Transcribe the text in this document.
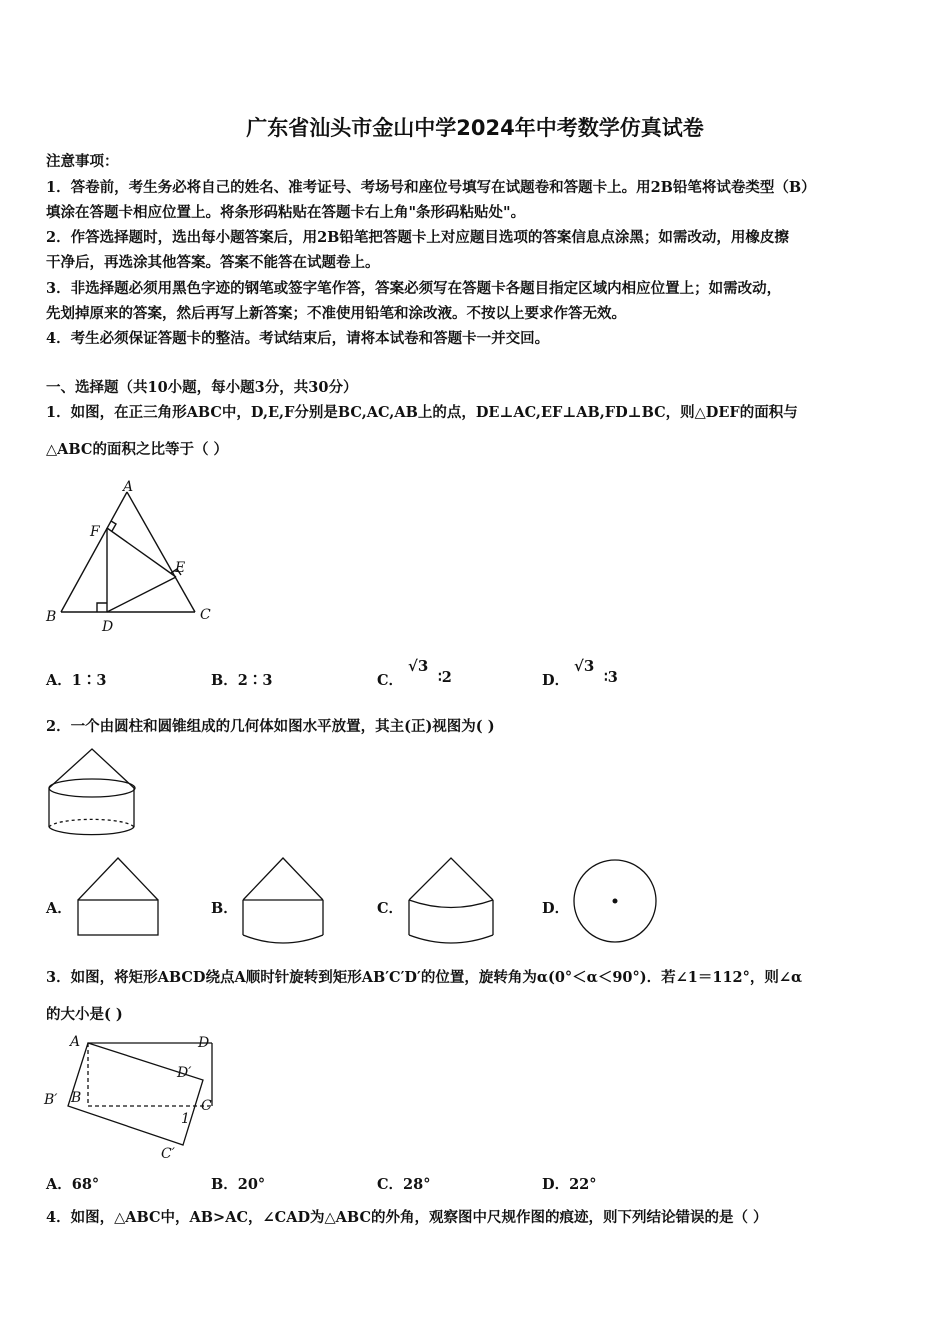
广东省汕头市金山中学2024年中考数学仿真试卷
注意事项：
1．答卷前，考生务必将自己的姓名、准考证号、考场号和座位号填写在试题卷和答题卡上。用2B铅笔将试卷类型（B）
填涂在答题卡相应位置上。将条形码粘贴在答题卡右上角"条形码粘贴处"。
2．作答选择题时，选出每小题答案后，用2B铅笔把答题卡上对应题目选项的答案信息点涂黑；如需改动，用橡皮擦
干净后，再选涂其他答案。答案不能答在试题卷上。
3．非选择题必须用黑色字迹的钢笔或签字笔作答，答案必须写在答题卡各题目指定区域内相应位置上；如需改动，
先划掉原来的答案，然后再写上新答案；不准使用铅笔和涂改液。不按以上要求作答无效。
4．考生必须保证答题卡的整洁。考试结束后，请将本试卷和答题卡一并交回。
一、选择题（共10小题，每小题3分，共30分）
1．如图，在正三角形ABC中，D,E,F分别是BC,AC,AB上的点，DE⊥AC,EF⊥AB,FD⊥BC，则△DEF的面积与
△ABC的面积之比等于（ ）
A
F
E
B
D
C
A．1∶3	B．2∶3	C．
√3
∶2	D．
√3
∶3
2．一个由圆柱和圆锥组成的几何体如图水平放置，其主(正)视图为( )
A．	B．	C．	D．
3．如图，将矩形ABCD绕点A顺时针旋转到矩形AB′C′D′的位置，旋转角为α(0°＜α＜90°)．若∠1＝112°，则∠α
的大小是( )
A	D
D′
B′ B	C
1
C′
A．68°	B．20°	C．28°	D．22°
4．如图，△ABC中，AB>AC，∠CAD为△ABC的外角，观察图中尺规作图的痕迹，则下列结论错误的是（ ）
